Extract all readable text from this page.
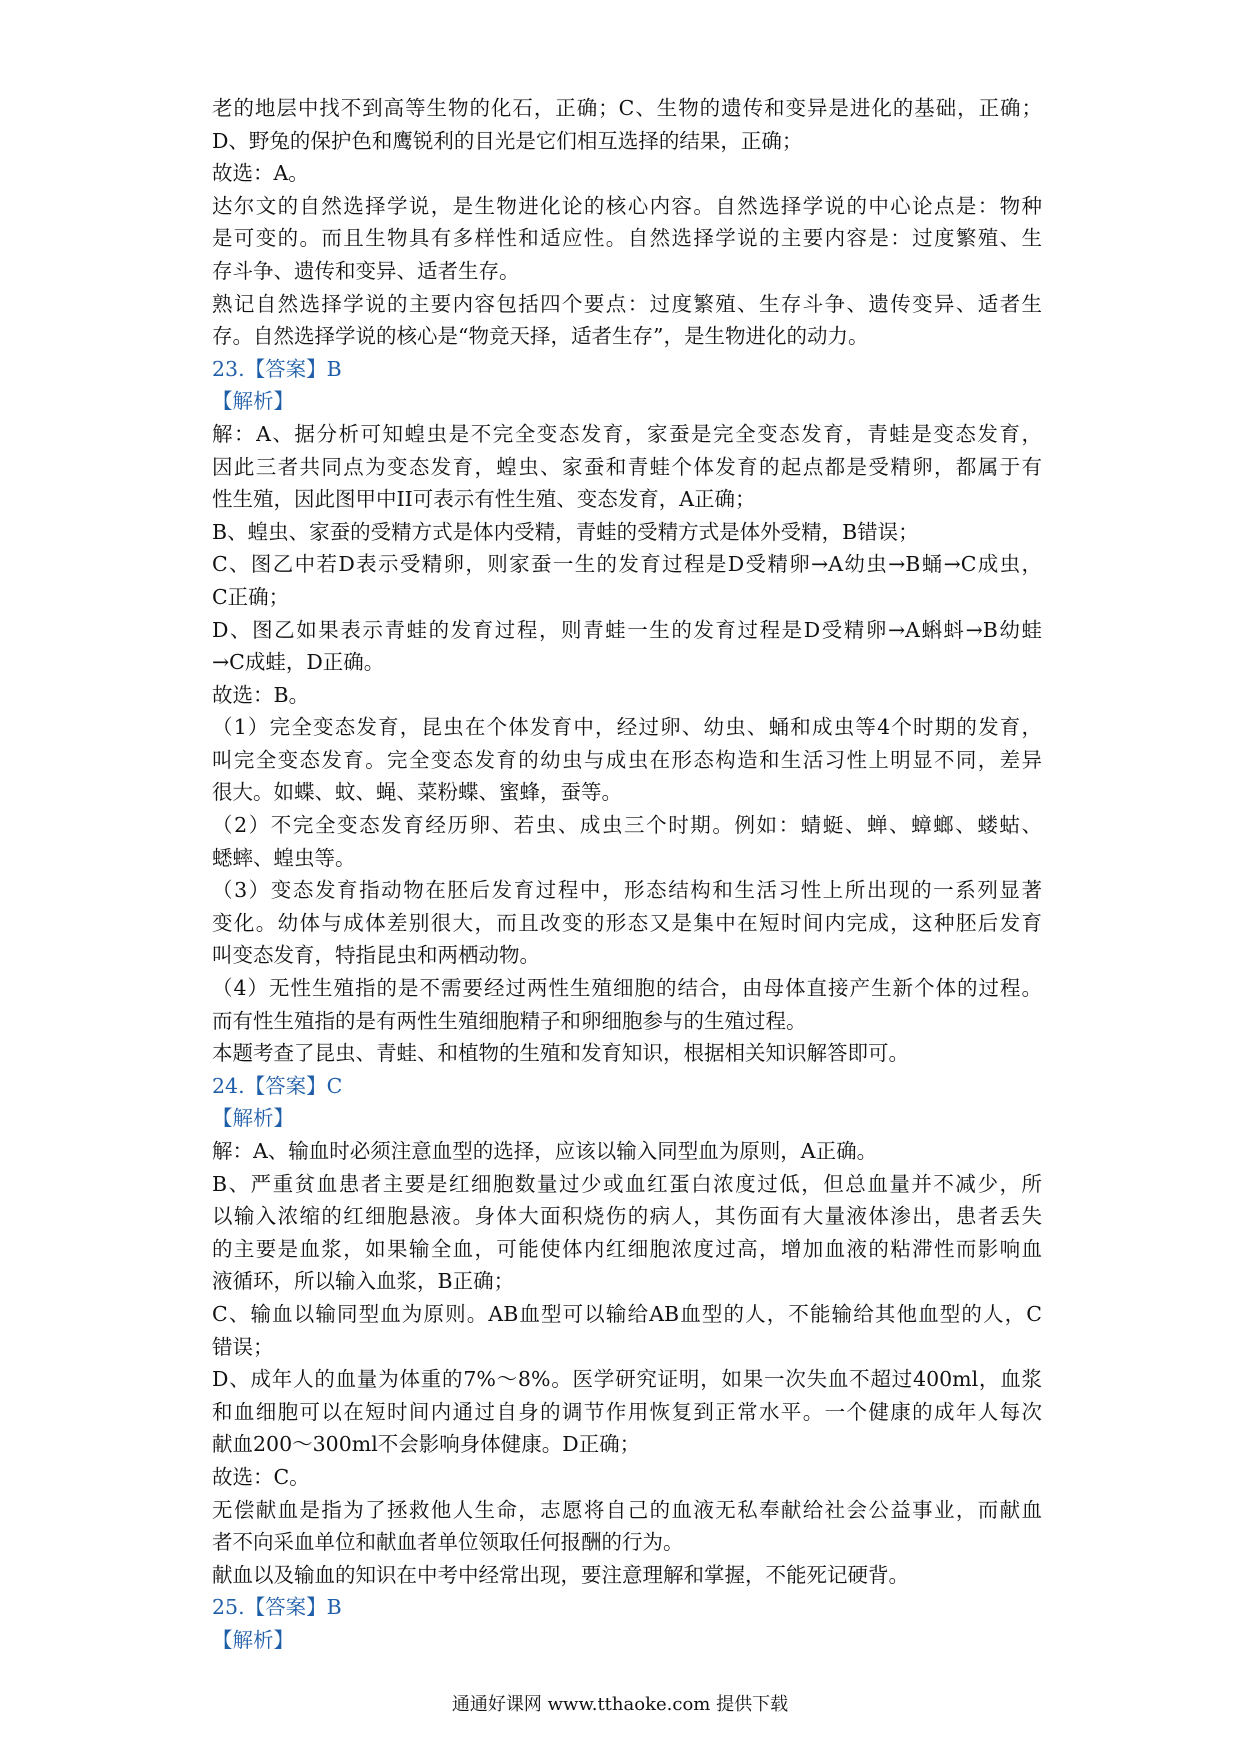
老的地层中找不到高等生物的化石，正确；C、生物的遗传和变异是进化的基础，正确；
D、野兔的保护色和鹰锐利的目光是它们相互选择的结果，正确；
故选：A。
达尔文的自然选择学说，是生物进化论的核心内容。自然选择学说的中心论点是：物种
是可变的。而且生物具有多样性和适应性。自然选择学说的主要内容是：过度繁殖、生
存斗争、遗传和变异、适者生存。
熟记自然选择学说的主要内容包括四个要点：过度繁殖、生存斗争、遗传变异、适者生
存。自然选择学说的核心是“物竞天择，适者生存”，是生物进化的动力。
23.【答案】B
【解析】
解：A、据分析可知蝗虫是不完全变态发育，家蚕是完全变态发育，青蛙是变态发育，
因此三者共同点为变态发育，蝗虫、家蚕和青蛙个体发育的起点都是受精卵，都属于有
性生殖，因此图甲中II可表示有性生殖、变态发育，A正确；
B、蝗虫、家蚕的受精方式是体内受精，青蛙的受精方式是体外受精，B错误；
C、图乙中若D表示受精卵，则家蚕一生的发育过程是D受精卵→A幼虫→B蛹→C成虫，
C正确；
D、图乙如果表示青蛙的发育过程，则青蛙一生的发育过程是D受精卵→A蝌蚪→B幼蛙
→C成蛙，D正确。
故选：B。
（1）完全变态发育，昆虫在个体发育中，经过卵、幼虫、蛹和成虫等4个时期的发育，
叫完全变态发育。完全变态发育的幼虫与成虫在形态构造和生活习性上明显不同，差异
很大。如蝶、蚊、蝇、菜粉蝶、蜜蜂，蚕等。
（2）不完全变态发育经历卵、若虫、成虫三个时期。例如：蜻蜓、蝉、蟑螂、蝼蛄、
蟋蟀、蝗虫等。
（3）变态发育指动物在胚后发育过程中，形态结构和生活习性上所出现的一系列显著
变化。幼体与成体差别很大，而且改变的形态又是集中在短时间内完成，这种胚后发育
叫变态发育，特指昆虫和两栖动物。
（4）无性生殖指的是不需要经过两性生殖细胞的结合，由母体直接产生新个体的过程。
而有性生殖指的是有两性生殖细胞精子和卵细胞参与的生殖过程。
本题考查了昆虫、青蛙、和植物的生殖和发育知识，根据相关知识解答即可。
24.【答案】C
【解析】
解：A、输血时必须注意血型的选择，应该以输入同型血为原则，A正确。
B、严重贫血患者主要是红细胞数量过少或血红蛋白浓度过低，但总血量并不减少，所
以输入浓缩的红细胞悬液。身体大面积烧伤的病人，其伤面有大量液体渗出，患者丢失
的主要是血浆，如果输全血，可能使体内红细胞浓度过高，增加血液的粘滞性而影响血
液循环，所以输入血浆，B正确；
C、输血以输同型血为原则。AB血型可以输给AB血型的人，不能输给其他血型的人，C
错误；
D、成年人的血量为体重的7%～8%。医学研究证明，如果一次失血不超过400ml，血浆
和血细胞可以在短时间内通过自身的调节作用恢复到正常水平。一个健康的成年人每次
献血200～300ml不会影响身体健康。D正确；
故选：C。
无偿献血是指为了拯救他人生命，志愿将自己的血液无私奉献给社会公益事业，而献血
者不向采血单位和献血者单位领取任何报酬的行为。
献血以及输血的知识在中考中经常出现，要注意理解和掌握，不能死记硬背。
25.【答案】B
【解析】
通通好课网 www.tthaoke.com 提供下载
